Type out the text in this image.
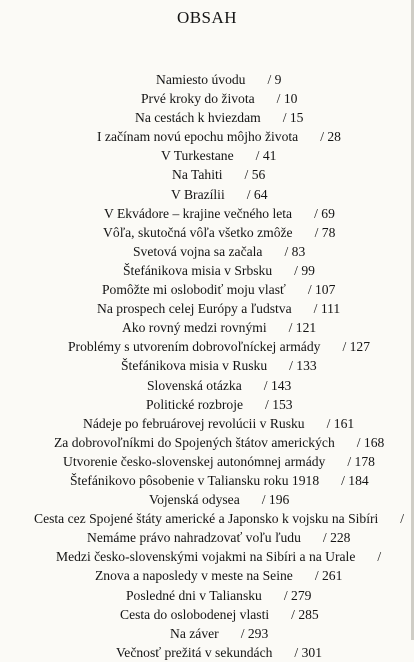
OBSAH
Namiesto úvodu / 9
Prvé kroky do života / 10
Na cestách k hviezdam / 15
I začínam novú epochu môjho života / 28
V Turkestane / 41
Na Tahiti / 56
V Brazílii / 64
V Ekvádore – krajine večného leta / 69
Vôľa, skutočná vôľa všetko zmôže / 78
Svetová vojna sa začala / 83
Štefánikova misia v Srbsku / 99
Pomôžte mi oslobodiť moju vlasť / 107
Na prospech celej Európy a ľudstva / 111
Ako rovný medzi rovnými / 121
Problémy s utvorením dobrovoľníckej armády / 127
Štefánikova misia v Rusku / 133
Slovenská otázka / 143
Politické rozbroje / 153
Nádeje po februárovej revolúcii v Rusku / 161
Za dobrovoľníkmi do Spojených štátov amerických / 168
Utvorenie česko-slovenskej autonómnej armády / 178
Štefánikovo pôsobenie v Taliansku roku 1918 / 184
Vojenská odysea / 196
Cesta cez Spojené štáty americké a Japonsko k vojsku na Sibíri /
Nemáme právo nahradzovať voľu ľudu / 228
Medzi česko-slovenskými vojakmi na Sibíri a na Urale /
Znova a naposledy v meste na Seine / 261
Posledné dni v Taliansku / 279
Cesta do oslobodenej vlasti / 285
Na záver / 293
Večnosť prežitá v sekundách / 301
